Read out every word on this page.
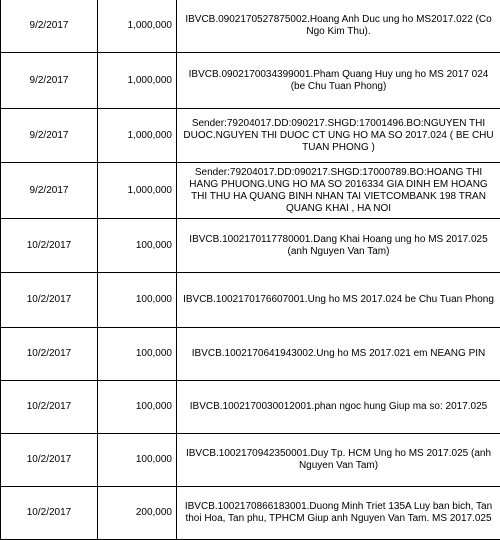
9/2/2017	1,000,000	IBVCB.0902170527875002.Hoang Anh Duc ung ho MS2017.022 (Co Ngo Kim Thu).
9/2/2017	1,000,000	IBVCB.0902170034399001.Pham Quang Huy ung ho MS 2017 024 (be Chu Tuan Phong)
9/2/2017	1,000,000	Sender:79204017.DD:090217.SHGD:17001496.BO:NGUYEN THI DUOC.NGUYEN THI DUOC CT UNG HO MA SO 2017.024 ( BE CHU TUAN PHONG )
9/2/2017	1,000,000	Sender:79204017.DD:090217.SHGD:17000789.BO:HOANG THI HANG PHUONG.UNG HO MA SO 2016334 GIA DINH EM HOANG THI THU HA QUANG BINH NHAN TAI VIETCOMBANK 198 TRAN QUANG KHAI , HA NOI
10/2/2017	100,000	IBVCB.1002170117780001.Dang Khai Hoang ung ho MS 2017.025 (anh Nguyen Van Tam)
10/2/2017	100,000	IBVCB.1002170176607001.Ung ho MS 2017.024 be Chu Tuan Phong
10/2/2017	100,000	IBVCB.1002170641943002.Ung ho MS 2017.021 em NEANG PIN
10/2/2017	100,000	IBVCB.1002170030012001.phan ngoc hung Giup ma so: 2017.025
10/2/2017	100,000	IBVCB.1002170942350001.Duy Tp. HCM Ung ho MS 2017.025 (anh Nguyen Van Tam)
10/2/2017	200,000	IBVCB.1002170866183001.Duong Minh Triet 135A Luy ban bich, Tan thoi Hoa, Tan phu, TPHCM Giup anh Nguyen Van Tam. MS 2017.025
